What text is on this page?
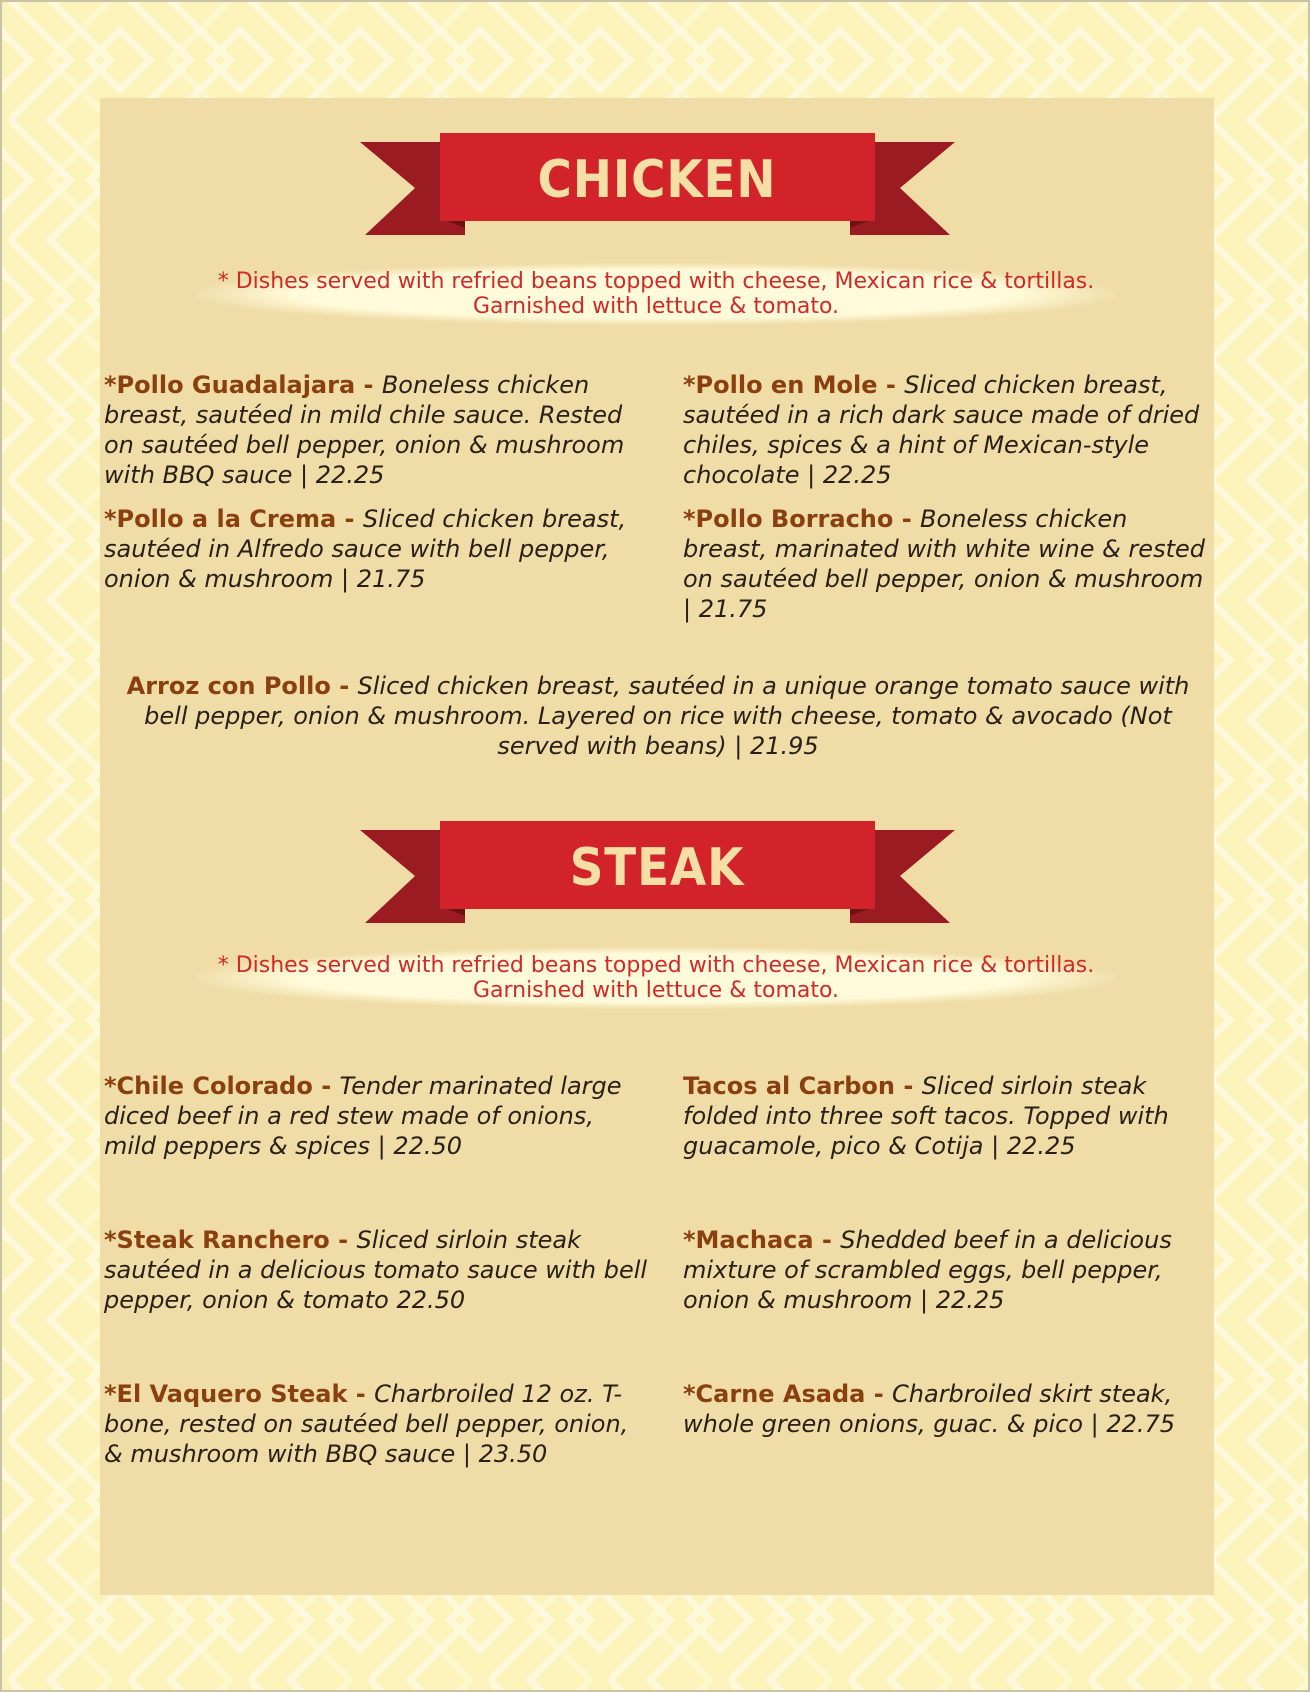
CHICKEN
* Dishes served with refried beans topped with cheese, Mexican rice & tortillas.
Garnished with lettuce & tomato.
*Pollo Guadalajara - Boneless chicken breast, sautéed in mild chile sauce. Rested on sautéed bell pepper, onion & mushroom with BBQ sauce | 22.25
*Pollo en Mole - Sliced chicken breast, sautéed in a rich dark sauce made of dried chiles, spices & a hint of Mexican-style chocolate | 22.25
*Pollo a la Crema - Sliced chicken breast, sautéed in Alfredo sauce with bell pepper, onion & mushroom | 21.75
*Pollo Borracho - Boneless chicken breast, marinated with white wine & rested on sautéed bell pepper, onion & mushroom | 21.75
Arroz con Pollo - Sliced chicken breast, sautéed in a unique orange tomato sauce with bell pepper, onion & mushroom. Layered on rice with cheese, tomato & avocado (Not served with beans) | 21.95
STEAK
* Dishes served with refried beans topped with cheese, Mexican rice & tortillas.
Garnished with lettuce & tomato.
*Chile Colorado - Tender marinated large diced beef in a red stew made of onions, mild peppers & spices | 22.50
Tacos al Carbon - Sliced sirloin steak folded into three soft tacos. Topped with guacamole, pico & Cotija | 22.25
*Steak Ranchero - Sliced sirloin steak sautéed in a delicious tomato sauce with bell pepper, onion & tomato 22.50
*Machaca - Shedded beef in a delicious mixture of scrambled eggs, bell pepper, onion & mushroom | 22.25
*El Vaquero Steak - Charbroiled 12 oz. T-bone, rested on sautéed bell pepper, onion, & mushroom with BBQ sauce | 23.50
*Carne Asada - Charbroiled skirt steak, whole green onions, guac. & pico | 22.75
